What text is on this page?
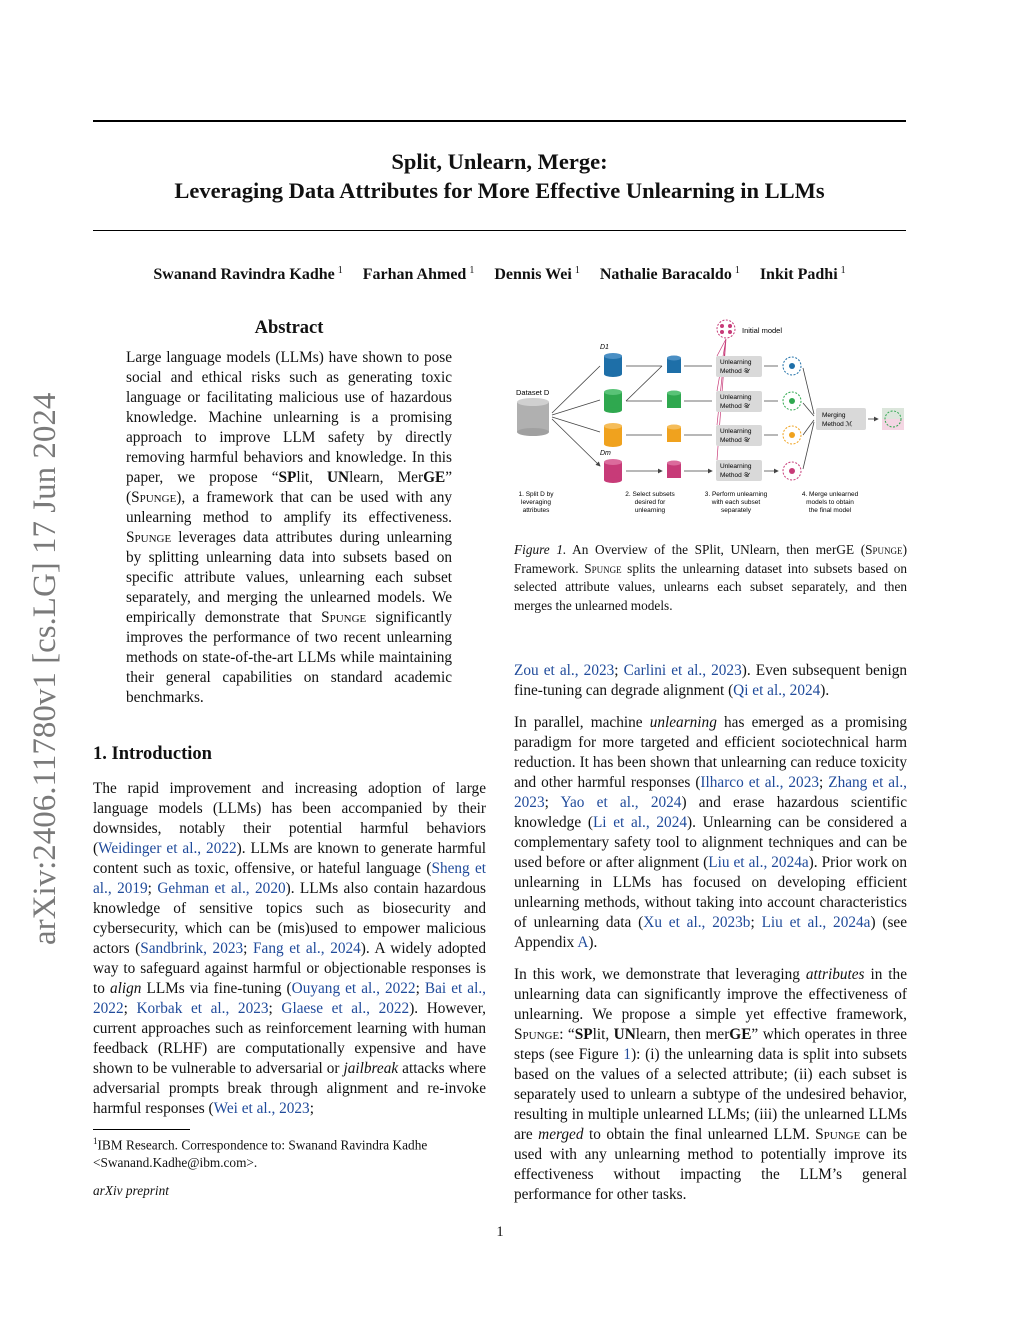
Split, Unlearn, Merge:
Leveraging Data Attributes for More Effective Unlearning in LLMs
Swanand Ravindra Kadhe $^1$ Farhan Ahmed $^1$ Dennis Wei $^1$ Nathalie Baracaldo $^1$ Inkit Padhi $^1$
arXiv:2406.11780v1 [cs.LG] 17 Jun 2024
Abstract
Large language models (LLMs) have shown to pose social and ethical risks such as generating toxic language or facilitating malicious use of hazardous knowledge. Machine unlearning is a promising approach to improve LLM safety by directly removing harmful behaviors and knowledge. In this paper, we propose “SPlit, UNlearn, MerGE” (Spunge), a framework that can be used with any unlearning method to amplify its effectiveness. Spunge leverages data attributes during unlearning by splitting unlearning data into subsets based on specific attribute values, unlearning each subset separately, and merging the unlearned models. We empirically demonstrate that Spunge significantly improves the performance of two recent unlearning methods on state-of-the-art LLMs while maintaining their general capabilities on standard academic benchmarks.
1. Introduction

The rapid improvement and increasing adoption of large language models (LLMs) has been accompanied by their downsides, notably their potential harmful behaviors (Weidinger et al., 2022). LLMs are known to generate harmful content such as toxic, offensive, or hateful language (Sheng et al., 2019; Gehman et al., 2020). LLMs also contain hazardous knowledge of sensitive topics such as biosecurity and cybersecurity, which can be (mis)used to empower malicious actors (Sandbrink, 2023; Fang et al., 2024). A widely adopted way to safeguard against harmful or objectionable responses is to align LLMs via fine-tuning (Ouyang et al., 2022; Bai et al., 2022; Korbak et al., 2023; Glaese et al., 2022). However, current approaches such as reinforcement learning with human feedback (RLHF) are computationally expensive and have shown to be vulnerable to adversarial or jailbreak attacks where adversarial prompts break through alignment and re-invoke harmful responses (Wei et al., 2023;

$^1$IBM Research. Correspondence to: Swanand Ravindra Kadhe <Swanand.Kadhe@ibm.com>.
arXiv preprint
1
Initial model
Dataset D
D1
Dm
Unlearning
Method 𝒰
Unlearning
Method 𝒰
Unlearning
Method 𝒰
Unlearning
Method 𝒰
Merging
Method ℳ
1. Split D by
leveraging
attributes
2. Select subsets
desired for
unlearning
3. Perform unlearning
with each subset
separately
4. Merge unlearned
models to obtain
the final model
Figure 1. An Overview of the SPlit, UNlearn, then merGE (Spunge) Framework. Spunge splits the unlearning dataset into subsets based on selected attribute values, unlearns each subset separately, and then merges the unlearned models.

Zou et al., 2023; Carlini et al., 2023). Even subsequent benign fine-tuning can degrade alignment (Qi et al., 2024).

In parallel, machine unlearning has emerged as a promising paradigm for more targeted and efficient sociotechnical harm reduction. It has been shown that unlearning can reduce toxicity and other harmful responses (Ilharco et al., 2023; Zhang et al., 2023; Yao et al., 2024) and erase hazardous scientific knowledge (Li et al., 2024). Unlearning can be considered a complementary safety tool to alignment techniques and can be used before or after alignment (Liu et al., 2024a). Prior work on unlearning in LLMs has focused on developing efficient unlearning methods, without taking into account characteristics of unlearning data (Xu et al., 2023b; Liu et al., 2024a) (see Appendix A).

In this work, we demonstrate that leveraging attributes in the unlearning data can significantly improve the effectiveness of unlearning. We propose a simple yet effective framework, Spunge: “SPlit, UNlearn, then merGE” which operates in three steps (see Figure 1): (i) the unlearning data is split into subsets based on the values of a selected attribute; (ii) each subset is separately used to unlearn a subtype of the undesired behavior, resulting in multiple unlearned LLMs; (iii) the unlearned LLMs are merged to obtain the final unlearned LLM. Spunge can be used with any unlearning method to potentially improve its effectiveness without impacting the LLM’s general performance for other tasks.
